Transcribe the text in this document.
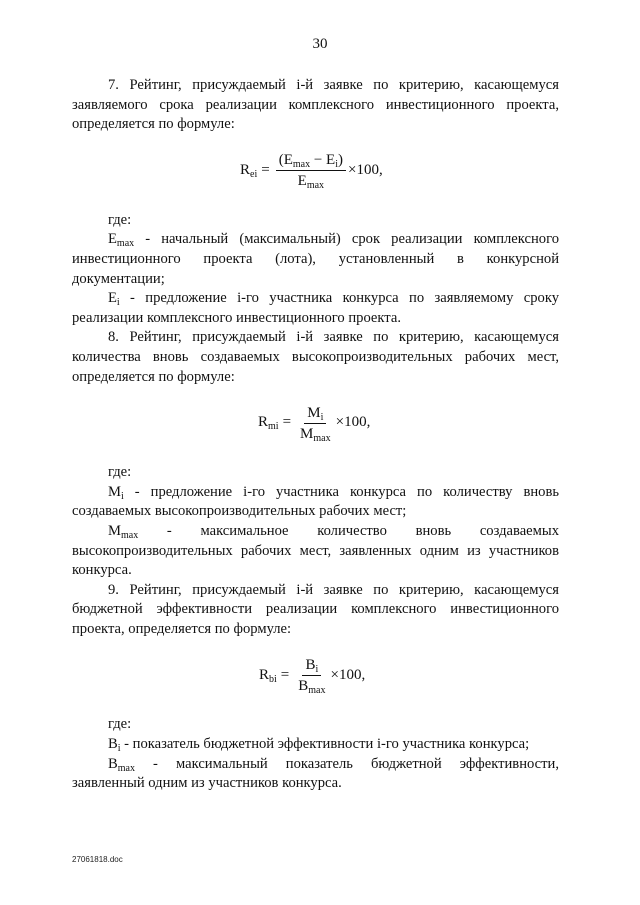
30

7. Рейтинг, присуждаемый i-й заявке по критерию, касающемуся

заявляемого срока реализации комплексного инвестиционного проекта,

определяется по формуле:

$R_{ei} = \frac{(E_{max} - E_i)}{E_{max}} \times 100$,

где:

$E_{max}$ - начальный (максимальный) срок реализации комплексного

инвестиционного проекта (лота), установленный в конкурсной

документации;

$E_i$ - предложение i-го участника конкурса по заявляемому сроку

реализации комплексного инвестиционного проекта.

8. Рейтинг, присуждаемый i-й заявке по критерию, касающемуся

количества вновь создаваемых высокопроизводительных рабочих мест,

определяется по формуле:

$R_{mi} = \frac{M_i}{M_{max}} \times 100$,

где:

$M_i$ - предложение i-го участника конкурса по количеству вновь

создаваемых высокопроизводительных рабочих мест;

$M_{max}$ - максимальное количество вновь создаваемых

высокопроизводительных рабочих мест, заявленных одним из участников

конкурса.

9. Рейтинг, присуждаемый i-й заявке по критерию, касающемуся

бюджетной эффективности реализации комплексного инвестиционного

проекта, определяется по формуле:

$R_{bi} = \frac{B_i}{B_{max}} \times 100$,

где:

$B_i$ - показатель бюджетной эффективности i-го участника конкурса;

$B_{max}$ - максимальный показатель бюджетной эффективности,

заявленный одним из участников конкурса.

27061818.doc
